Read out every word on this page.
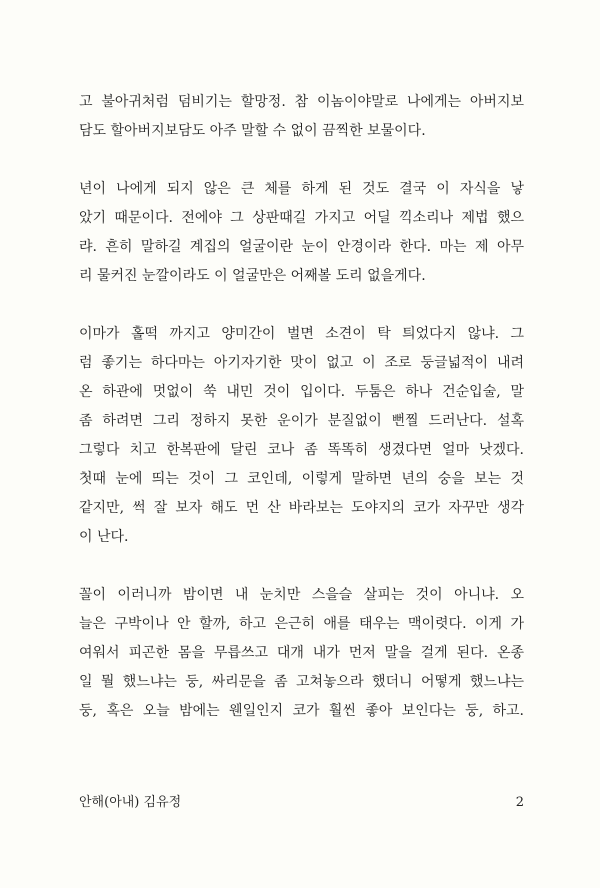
고 불아귀처럼 덤비기는 할망정. 참 이놈이야말로 나에게는 아버지보
담도 할아버지보담도 아주 말할 수 없이 끔찍한 보물이다.
년이 나에게 되지 않은 큰 체를 하게 된 것도 결국 이 자식을 낳
았기 때문이다. 전에야 그 상판때길 가지고 어딜 끽소리나 제법 했으
랴. 흔히 말하길 계집의 얼굴이란 눈이 안경이라 한다. 마는 제 아무
리 물커진 눈깔이라도 이 얼굴만은 어째볼 도리 없을게다.
이마가 홀떡 까지고 양미간이 벌면 소견이 탁 틔었다지 않냐. 그
럼 좋기는 하다마는 아기자기한 맛이 없고 이 조로 둥글넓적이 내려
온 하관에 멋없이 쑥 내민 것이 입이다. 두툼은 하나 건순입술, 말
좀 하려면 그리 정하지 못한 운이가 분질없이 뻔찔 드러난다. 설혹
그렇다 치고 한복판에 달린 코나 좀 똑똑히 생겼다면 얼마 낫겠다.
첫때 눈에 띄는 것이 그 코인데, 이렇게 말하면 년의 숭을 보는 것
같지만, 썩 잘 보자 해도 먼 산 바라보는 도야지의 코가 자꾸만 생각
이 난다.
꼴이 이러니까 밤이면 내 눈치만 스을슬 살피는 것이 아니냐. 오
늘은 구박이나 안 할까, 하고 은근히 애를 태우는 맥이렷다. 이게 가
여워서 피곤한 몸을 무릅쓰고 대개 내가 먼저 말을 걸게 된다. 온종
일 뭘 했느냐는 둥, 싸리문을 좀 고쳐놓으라 했더니 어떻게 했느냐는
둥, 혹은 오늘 밤에는 웬일인지 코가 훨씬 좋아 보인다는 둥, 하고.
안해(아내) 김유정	2
